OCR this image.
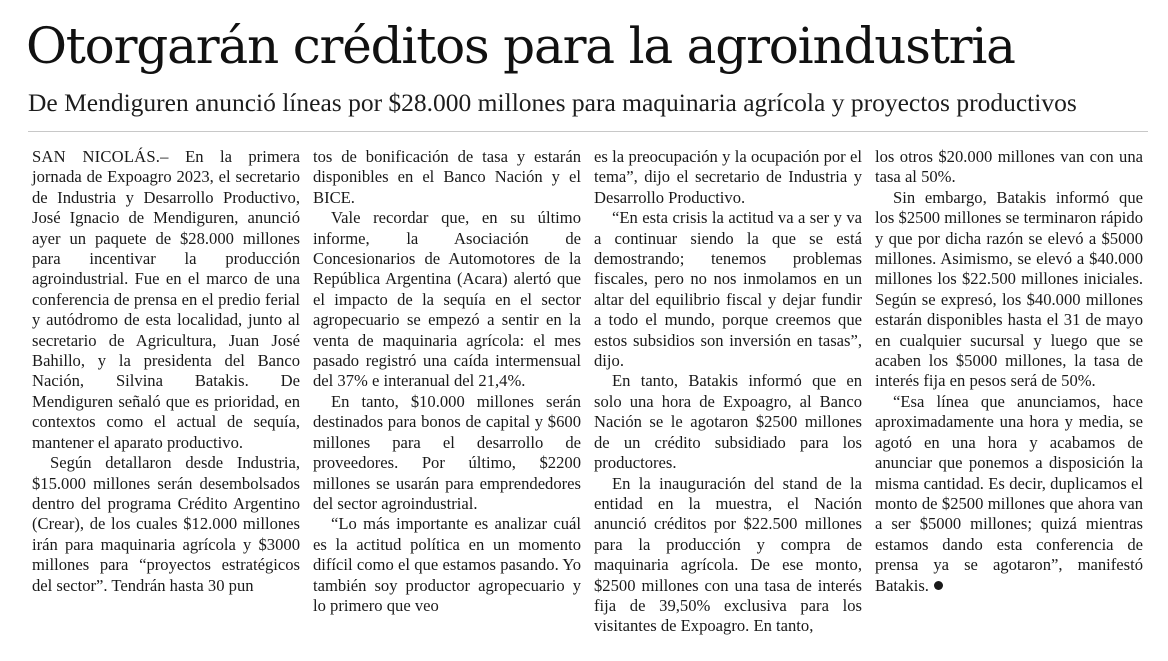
Otorgarán créditos para la agroindustria
De Mendiguren anunció líneas por $28.000 millones para maquinaria agrícola y proyectos productivos

SAN NICOLÁS.– En la primera jornada de Expoagro 2023, el secretario de Industria y Desarrollo Productivo, José Ignacio de Mendiguren, anunció ayer un paquete de $28.000 millones para incentivar la producción agroindustrial. Fue en el marco de una conferencia de prensa en el predio ferial y autódromo de esta localidad, junto al secretario de Agricultura, Juan José Bahillo, y la presidenta del Banco Nación, Silvina Batakis. De Mendiguren señaló que es prioridad, en contextos como el actual de sequía, mantener el aparato productivo.

Según detallaron desde Industria, $15.000 millones serán desembolsados dentro del programa Crédito Argentino (Crear), de los cuales $12.000 millones irán para maquinaria agrícola y $3000 millones para “proyectos estratégicos del sector”. Tendrán hasta 30 pun

tos de bonificación de tasa y estarán disponibles en el Banco Nación y el BICE.

Vale recordar que, en su último informe, la Asociación de Concesionarios de Automotores de la República Argentina (Acara) alertó que el impacto de la sequía en el sector agropecuario se empezó a sentir en la venta de maquinaria agrícola: el mes pasado registró una caída intermensual del 37% e interanual del 21,4%.

En tanto, $10.000 millones serán destinados para bonos de capital y $600 millones para el desarrollo de proveedores. Por último, $2200 millones se usarán para emprendedores del sector agroindustrial.

“Lo más importante es analizar cuál es la actitud política en un momento difícil como el que estamos pasando. Yo también soy productor agropecuario y lo primero que veo

es la preocupación y la ocupación por el tema”, dijo el secretario de Industria y Desarrollo Productivo.

“En esta crisis la actitud va a ser y va a continuar siendo la que se está demostrando; tenemos problemas fiscales, pero no nos inmolamos en un altar del equilibrio fiscal y dejar fundir a todo el mundo, porque creemos que estos subsidios son inversión en tasas”, dijo.

En tanto, Batakis informó que en solo una hora de Expoagro, al Banco Nación se le agotaron $2500 millones de un crédito subsidiado para los productores.

En la inauguración del stand de la entidad en la muestra, el Nación anunció créditos por $22.500 millones para la producción y compra de maquinaria agrícola. De ese monto, $2500 millones con una tasa de interés fija de 39,50% exclusiva para los visitantes de Expoagro. En tanto,

los otros $20.000 millones van con una tasa al 50%.

Sin embargo, Batakis informó que los $2500 millones se terminaron rápido y que por dicha razón se elevó a $5000 millones. Asimismo, se elevó a $40.000 millones los $22.500 millones iniciales. Según se expresó, los $40.000 millones estarán disponibles hasta el 31 de mayo en cualquier sucursal y luego que se acaben los $5000 millones, la tasa de interés fija en pesos será de 50%.

“Esa línea que anunciamos, hace aproximadamente una hora y media, se agotó en una hora y acabamos de anunciar que ponemos a disposición la misma cantidad. Es decir, duplicamos el monto de $2500 millones que ahora van a ser $5000 millones; quizá mientras estamos dando esta conferencia de prensa ya se agotaron”, manifestó Batakis.
